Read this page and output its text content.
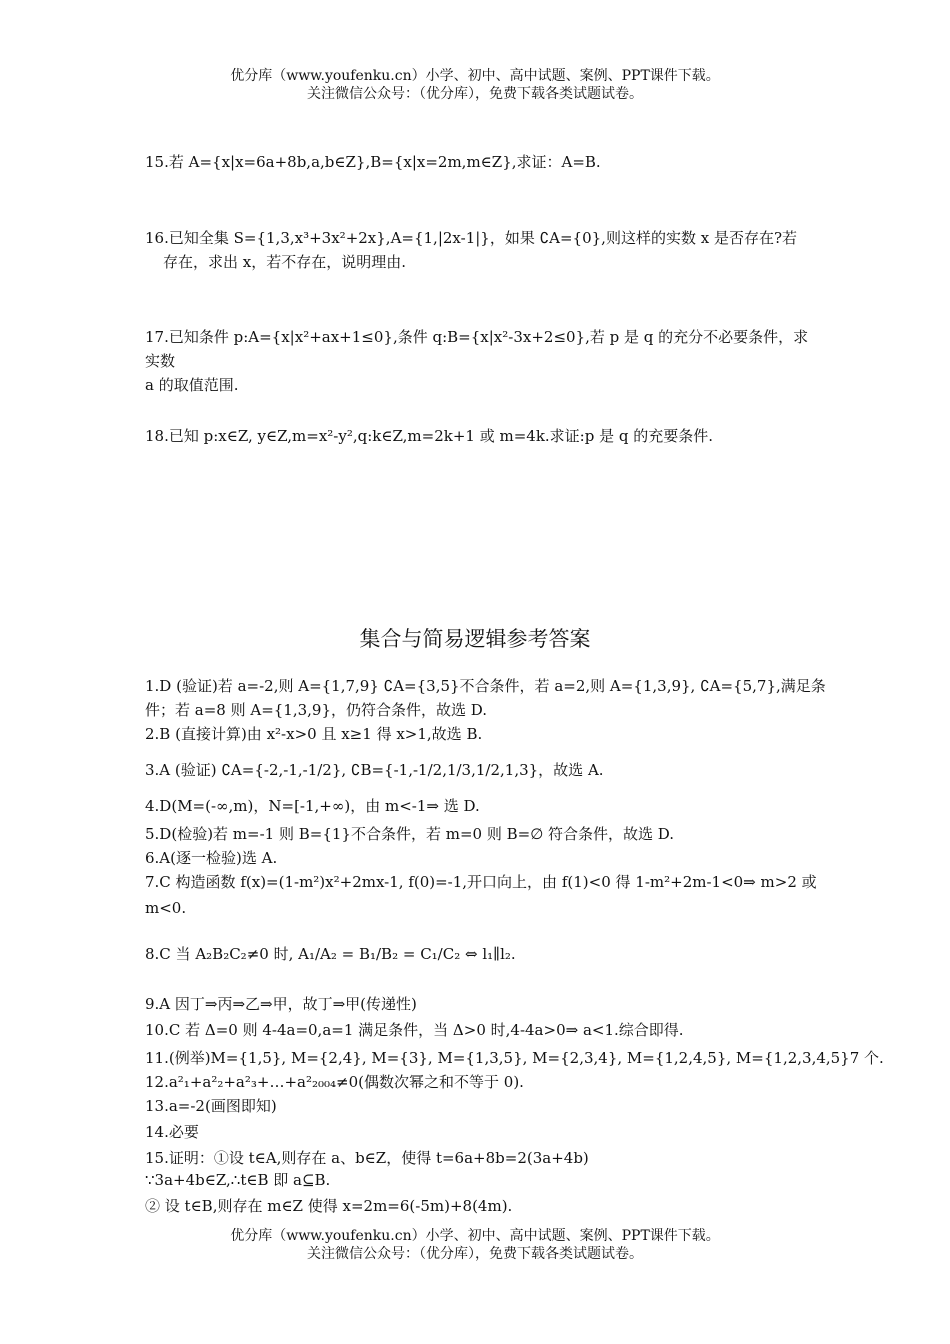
优分库（www.youfenku.cn）小学、初中、高中试题、案例、PPT课件下载。
关注微信公众号：（优分库），免费下载各类试题试卷。
15.若 A={x|x=6a+8b,a,b∈Z},B={x|x=2m,m∈Z},求证：A=B.
16.已知全集 S={1,3,x³+3x²+2x},A={1,|2x-1|}，如果 ∁A={0},则这样的实数 x 是否存在?若
存在，求出 x，若不存在，说明理由.
17.已知条件 p:A={x|x²+ax+1≤0},条件 q:B={x|x²-3x+2≤0},若 p 是 q 的充分不必要条件，求实数
a 的取值范围.
18.已知 p:x∈Z, y∈Z,m=x²-y²,q:k∈Z,m=2k+1 或 m=4k.求证:p 是 q 的充要条件.
集合与简易逻辑参考答案
1.D (验证)若 a=-2,则 A={1,7,9} ∁A={3,5}不合条件，若 a=2,则 A={1,3,9}, ∁A={5,7},满足条
件；若 a=8 则 A={1,3,9}，仍符合条件，故选 D.
2.B (直接计算)由 x²-x>0 且 x≥1 得 x>1,故选 B.
3.A (验证) ∁A={-2,-1,-1/2}, ∁B={-1,-1/2,1/3,1/2,1,3}，故选 A.
4.D(M=(-∞,m)，N=[-1,+∞)，由 m<-1⇒ 选 D.
5.D(检验)若 m=-1 则 B={1}不合条件，若 m=0 则 B=∅ 符合条件，故选 D.
6.A(逐一检验)选 A.
7.C 构造函数 f(x)=(1-m²)x²+2mx-1, f(0)=-1,开口向上，由 f(1)<0 得 1-m²+2m-1<0⇒ m>2 或
m<0.
8.C 当 A₂B₂C₂≠0 时, A₁/A₂ = B₁/B₂ = C₁/C₂ ⇔ l₁∥l₂.
9.A 因丁⇒丙⇒乙⇒甲，故丁⇒甲(传递性)
10.C 若 Δ=0 则 4-4a=0,a=1 满足条件，当 Δ>0 时,4-4a>0⇒ a<1.综合即得.
11.(例举)M={1,5}, M={2,4}, M={3}, M={1,3,5}, M={2,3,4}, M={1,2,4,5}, M={1,2,3,4,5}7 个.
12.a²₁+a²₂+a²₃+…+a²₂₀₀₄≠0(偶数次幂之和不等于 0).
13.a=-2(画图即知)
14.必要
15.证明：①设 t∈A,则存在 a、b∈Z，使得 t=6a+8b=2(3a+4b)
∵3a+4b∈Z,∴t∈B 即 a⊆B.
② 设 t∈B,则存在 m∈Z 使得 x=2m=6(-5m)+8(4m).
优分库（www.youfenku.cn）小学、初中、高中试题、案例、PPT课件下载。
关注微信公众号：（优分库），免费下载各类试题试卷。
